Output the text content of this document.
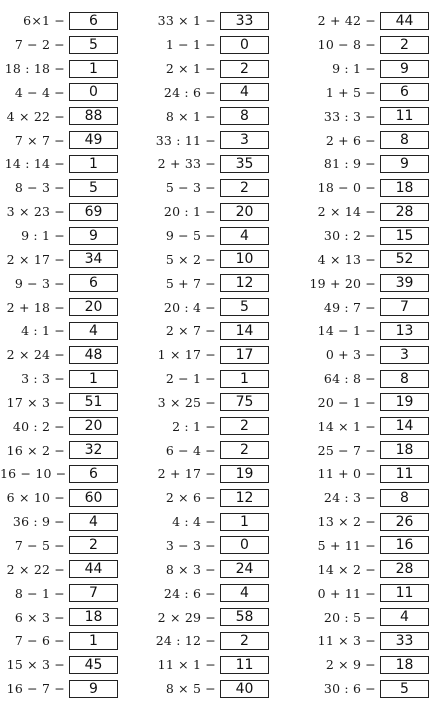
6×1 −	6
7 − 2 −	5
18 : 18 −	1
4 − 4 −	0
4 × 22 −	88
7 × 7 −	49
14 : 14 −	1
8 − 3 −	5
3 × 23 −	69
9 : 1 −	9
2 × 17 −	34
9 − 3 −	6
2 + 18 −	20
4 : 1 −	4
2 × 24 −	48
3 : 3 −	1
17 × 3 −	51
40 : 2 −	20
16 × 2 −	32
16 − 10 −	6
6 × 10 −	60
36 : 9 −	4
7 − 5 −	2
2 × 22 −	44
8 − 1 −	7
6 × 3 −	18
7 − 6 −	1
15 × 3 −	45
16 − 7 −	9
33 × 1 −	33
1 − 1 −	0
2 × 1 −	2
24 : 6 −	4
8 × 1 −	8
33 : 11 −	3
2 + 33 −	35
5 − 3 −	2
20 : 1 −	20
9 − 5 −	4
5 × 2 −	10
5 + 7 −	12
20 : 4 −	5
2 × 7 −	14
1 × 17 −	17
2 − 1 −	1
3 × 25 −	75
2 : 1 −	2
6 − 4 −	2
2 + 17 −	19
2 × 6 −	12
4 : 4 −	1
3 − 3 −	0
8 × 3 −	24
24 : 6 −	4
2 × 29 −	58
24 : 12 −	2
11 × 1 −	11
8 × 5 −	40
2 + 42 −	44
10 − 8 −	2
9 : 1 −	9
1 + 5 −	6
33 : 3 −	11
2 + 6 −	8
81 : 9 −	9
18 − 0 −	18
2 × 14 −	28
30 : 2 −	15
4 × 13 −	52
19 + 20 −	39
49 : 7 −	7
14 − 1 −	13
0 + 3 −	3
64 : 8 −	8
20 − 1 −	19
14 × 1 −	14
25 − 7 −	18
11 + 0 −	11
24 : 3 −	8
13 × 2 −	26
5 + 11 −	16
14 × 2 −	28
0 + 11 −	11
20 : 5 −	4
11 × 3 −	33
2 × 9 −	18
30 : 6 −	5
